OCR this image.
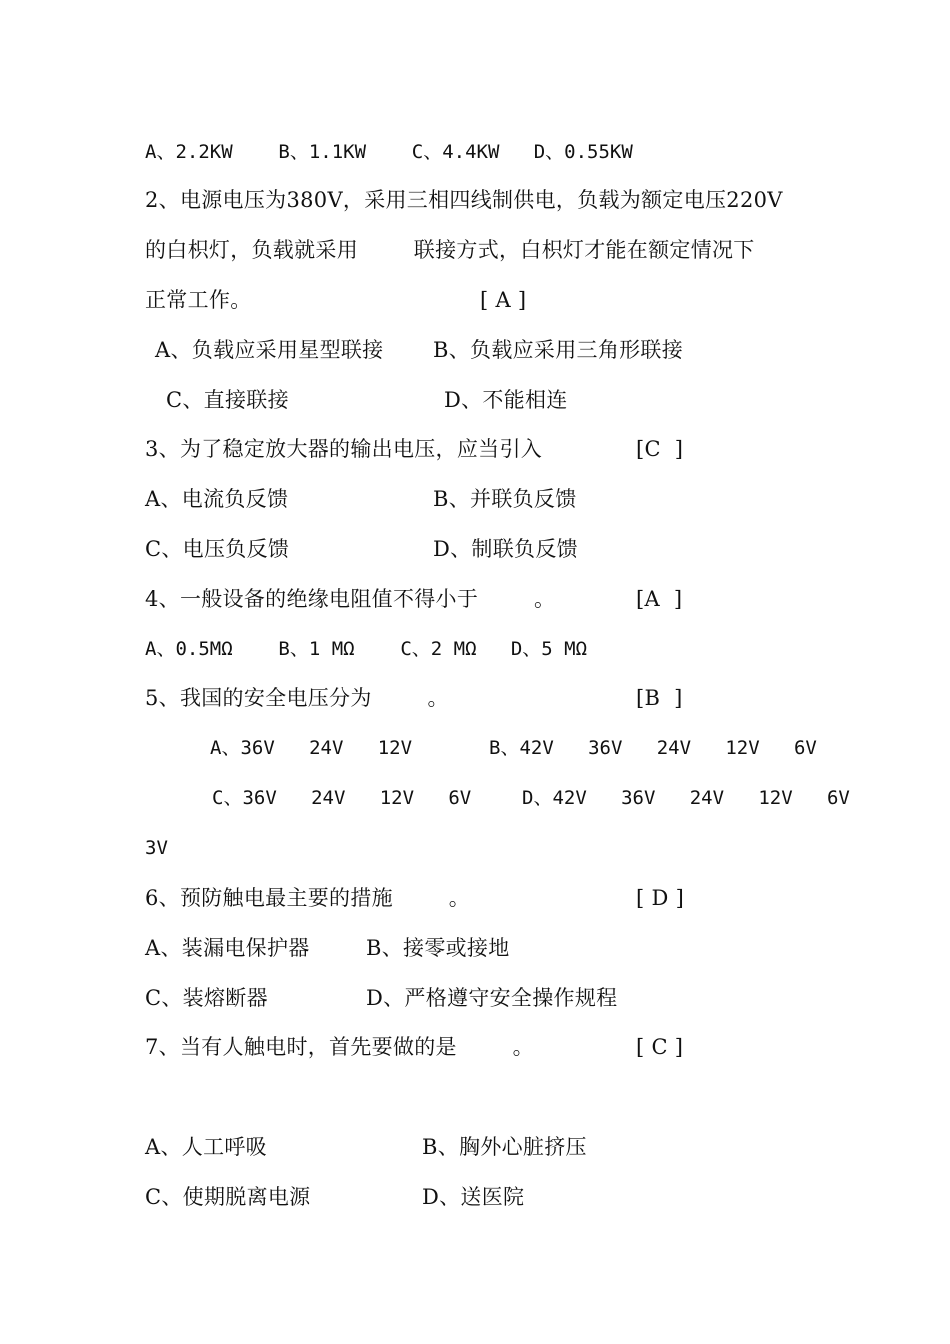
A、2.2KW    B、1.1KW    C、4.4KW   D、0.55KW
2、电源电压为380V，采用三相四线制供电，负载为额定电压220V
的白枳灯，负载就采用        联接方式，白枳灯才能在额定情况下
正常工作。	[ A ]
A、负载应采用星型联接 B、负载应采用三角形联接
C、直接联接	D、不能相连
3、为了稳定放大器的输出电压，应当引入	[C  ]
A、电流负反馈	B、并联负反馈
C、电压负反馈	D、制联负反馈
4、一般设备的绝缘电阻值不得小于        。	[A  ]
A、0.5MΩ    B、1 MΩ    C、2 MΩ   D、5 MΩ
5、我国的安全电压分为        。	[B  ]
A、36V   24V   12V	B、42V   36V   24V   12V   6V
C、36V   24V   12V   6V	D、42V   36V   24V   12V   6V
3V
6、预防触电最主要的措施        。	[ D ]
A、装漏电保护器	B、接零或接地
C、装熔断器	D、严格遵守安全操作规程
7、当有人触电时，首先要做的是        。	[ C ]
A、人工呼吸	B、胸外心脏挤压
C、使期脱离电源	D、送医院
